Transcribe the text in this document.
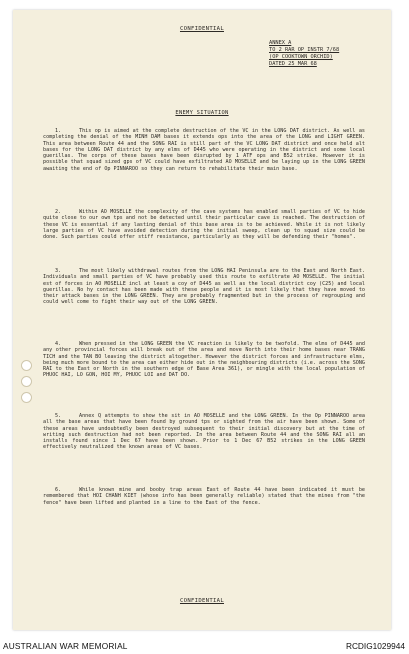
CONFIDENTIAL
ANNEX A
TO 2 RAR OP INSTR 7/68
(OP COOKTOWN ORCHID)
DATED 25 MAR 68
ENEMY SITUATION

1.	This op is aimed at the complete destruction of the VC in the LONG DAT district. As well as completing the denial of the MINH DAM bases it extends ops into the area of the LONG and LIGHT GREEN. This area between Route 44 and the SONG RAI is still part of the VC LONG DAT district and once held alt bases for the LONG DAT district by any elms of D445 who were operating in the district and some local guerillas. The corps of these bases have been disrupted by 1 ATF ops and B52 strike. However it is possible that squad sized gps of VC could have exfiltrated AO MOSELLE and be laying up in the LONG GREEN awaiting the end of Op PINNAROO so they can return to rehabilitate their main base.

2.	Within AO MOSELLE the complexity of the cave systems has enabled small parties of VC to hide quite close to our own tps and not be detected until their particular cave is reached. The destruction of these VC is essential if any lasting denial of this base area is to be achieved. While it is not likely large parties of VC have avoided detection during the initial sweep, clean up to squad size could be done. Such parties could offer stiff resistance, particularly as they will be defending their "homes".

3.	The most likely withdrawal routes from the LONG HAI Peninsula are to the East and North East. Individuals and small parties of VC have probably used this route to exfiltrate AO MOSELLE. The initial est of forces in AO MOSELLE incl at least a coy of D445 as well as the local district coy (C25) and local guerillas. No hy contact has been made with these people and it is most likely that they have moved to their attack bases in the LONG GREEN. They are probably fragmented but in the process of regrouping and could well come to fight their way out of the LONG GREEN.

4.	When pressed in the LONG GREEN the VC reaction is likely to be twofold. The elms of D445 and any other provincial forces will break out of the area and move North into their home bases near TRANG TICH and the TAN BO leaving the district altogether. However the district forces and infrastructure elms, being much more bound to the area can either hide out in the neighbouring districts (i.e. across the SONG RAI to the East or North in the southern edge of Base Area 361), or mingle with the local population of PHUOC HAI, LO GON, HOI MY, PHUOC LOI and DAT DO.

5.	Annex Q attempts to show the sit in AO MOSELLE and the LONG GREEN. In the Op PINNAROO area all the base areas that have been found by ground tps or sighted from the air have been shown. Some of these areas have undoubtedly been destroyed subsequent to their initial discovery but at the time of writing such destruction had not been reported. In the area between Route 44 and the SONG RAI all an installs found since 1 Dec 67 have been shown. Prior to 1 Dec 67 B52 strikes in the LONG GREEN effectively neutralized the known areas of VC bases.

6.	While known mine and booby trap areas East of Route 44 have been indicated it must be remembered that HOI CHANH KIET (whose info has been generally reliable) stated that the mines from "the fence" have been lifted and planted in a line to the East of the fence.

CONFIDENTIAL
AUSTRALIAN WAR MEMORIAL	RCDIG1029944
